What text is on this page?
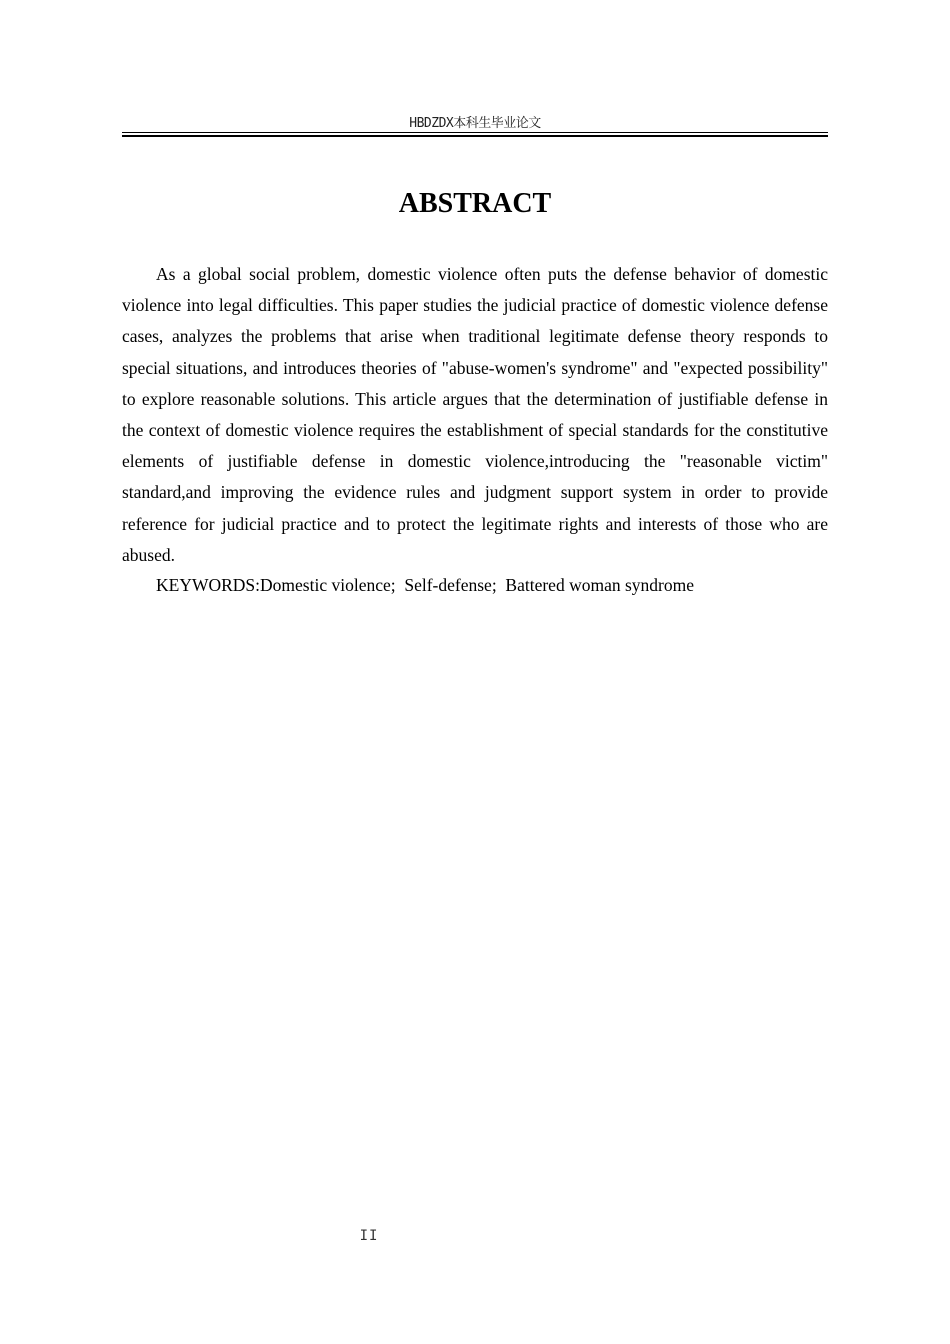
HBDZDX本科生毕业论文
ABSTRACT

As a global social problem, domestic violence often puts the defense behavior of domestic violence into legal difficulties. This paper studies the judicial practice of domestic violence defense cases, analyzes the problems that arise when traditional legitimate defense theory responds to special situations, and introduces theories of "abuse-women's syndrome" and "expected possibility" to explore reasonable solutions. This article argues that the determination of justifiable defense in the context of domestic violence requires the establishment of special standards for the constitutive elements of justifiable defense in domestic violence,introducing the "reasonable victim" standard,and improving the evidence rules and judgment support system in order to provide reference for judicial practice and to protect the legitimate rights and interests of those who are abused.

KEYWORDS:Domestic violence;  Self-defense;  Battered woman syndrome

II
